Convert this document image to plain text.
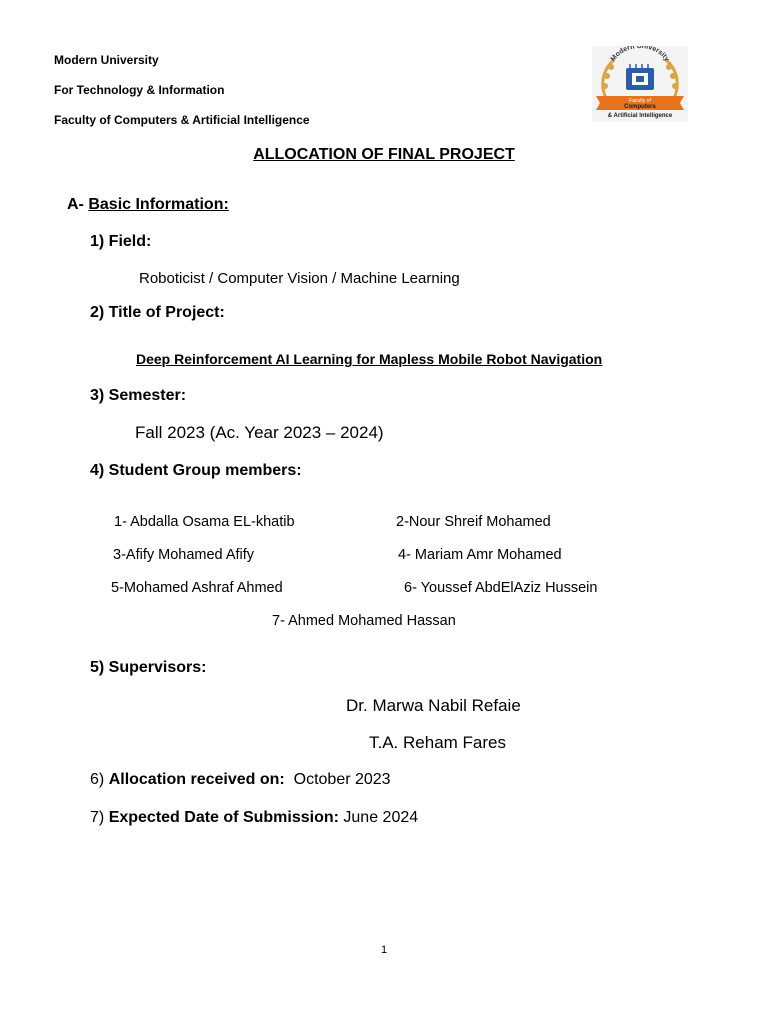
Modern University
For Technology & Information
Faculty of Computers & Artificial Intelligence
Modern University
Faculty of
Computers
& Artificial Intelligence
ALLOCATION OF FINAL PROJECT
A- Basic Information:
1) Field:
Roboticist / Computer Vision / Machine Learning
2) Title of Project:
Deep Reinforcement AI Learning for Mapless Mobile Robot Navigation
3) Semester:
Fall 2023 (Ac. Year 2023 – 2024)
4) Student Group members:
1- Abdalla Osama EL-khatib	2-Nour Shreif Mohamed
3-Afify Mohamed Afify	4- Mariam Amr Mohamed
5-Mohamed Ashraf Ahmed	6- Youssef AbdElAziz Hussein
7- Ahmed Mohamed Hassan
5) Supervisors:
Dr. Marwa Nabil Refaie
T.A. Reham Fares
6) Allocation received on: October 2023
7) Expected Date of Submission: June 2024
1
